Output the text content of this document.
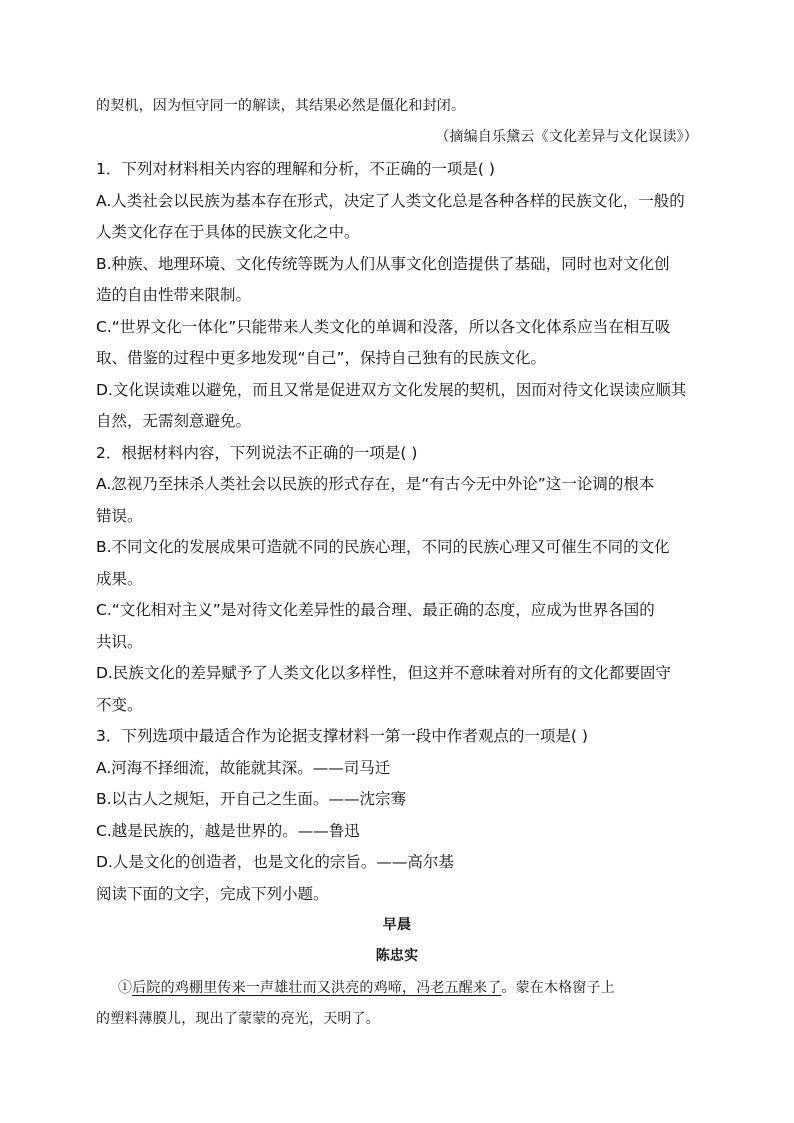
的契机，因为恒守同一的解读，其结果必然是僵化和封闭。
（摘编自乐黛云《文化差异与文化误读》）
1．下列对材料相关内容的理解和分析，不正确的一项是( )
A.人类社会以民族为基本存在形式，决定了人类文化总是各种各样的民族文化，一般的
人类文化存在于具体的民族文化之中。
B.种族、地理环境、文化传统等既为人们从事文化创造提供了基础，同时也对文化创
造的自由性带来限制。
C.“世界文化一体化”只能带来人类文化的单调和没落，所以各文化体系应当在相互吸
取、借鉴的过程中更多地发现“自己”，保持自己独有的民族文化。
D.文化误读难以避免，而且又常是促进双方文化发展的契机，因而对待文化误读应顺其
自然，无需刻意避免。
2．根据材料内容，下列说法不正确的一项是( )
A.忽视乃至抹杀人类社会以民族的形式存在，是“有古今无中外论”这一论调的根本
错误。
B.不同文化的发展成果可造就不同的民族心理，不同的民族心理又可催生不同的文化
成果。
C.“文化相对主义”是对待文化差异性的最合理、最正确的态度，应成为世界各国的
共识。
D.民族文化的差异赋予了人类文化以多样性，但这并不意味着对所有的文化都要固守
不变。
3．下列选项中最适合作为论据支撑材料一第一段中作者观点的一项是( )
A.河海不择细流，故能就其深。——司马迁
B.以古人之规矩，开自己之生面。——沈宗骞
C.越是民族的，越是世界的。——鲁迅
D.人是文化的创造者，也是文化的宗旨。——高尔基
阅读下面的文字，完成下列小题。
早晨
陈忠实
①后院的鸡棚里传来一声雄壮而又洪亮的鸡啼，冯老五醒来了。蒙在木格窗子上
的塑料薄膜儿，现出了蒙蒙的亮光，天明了。
